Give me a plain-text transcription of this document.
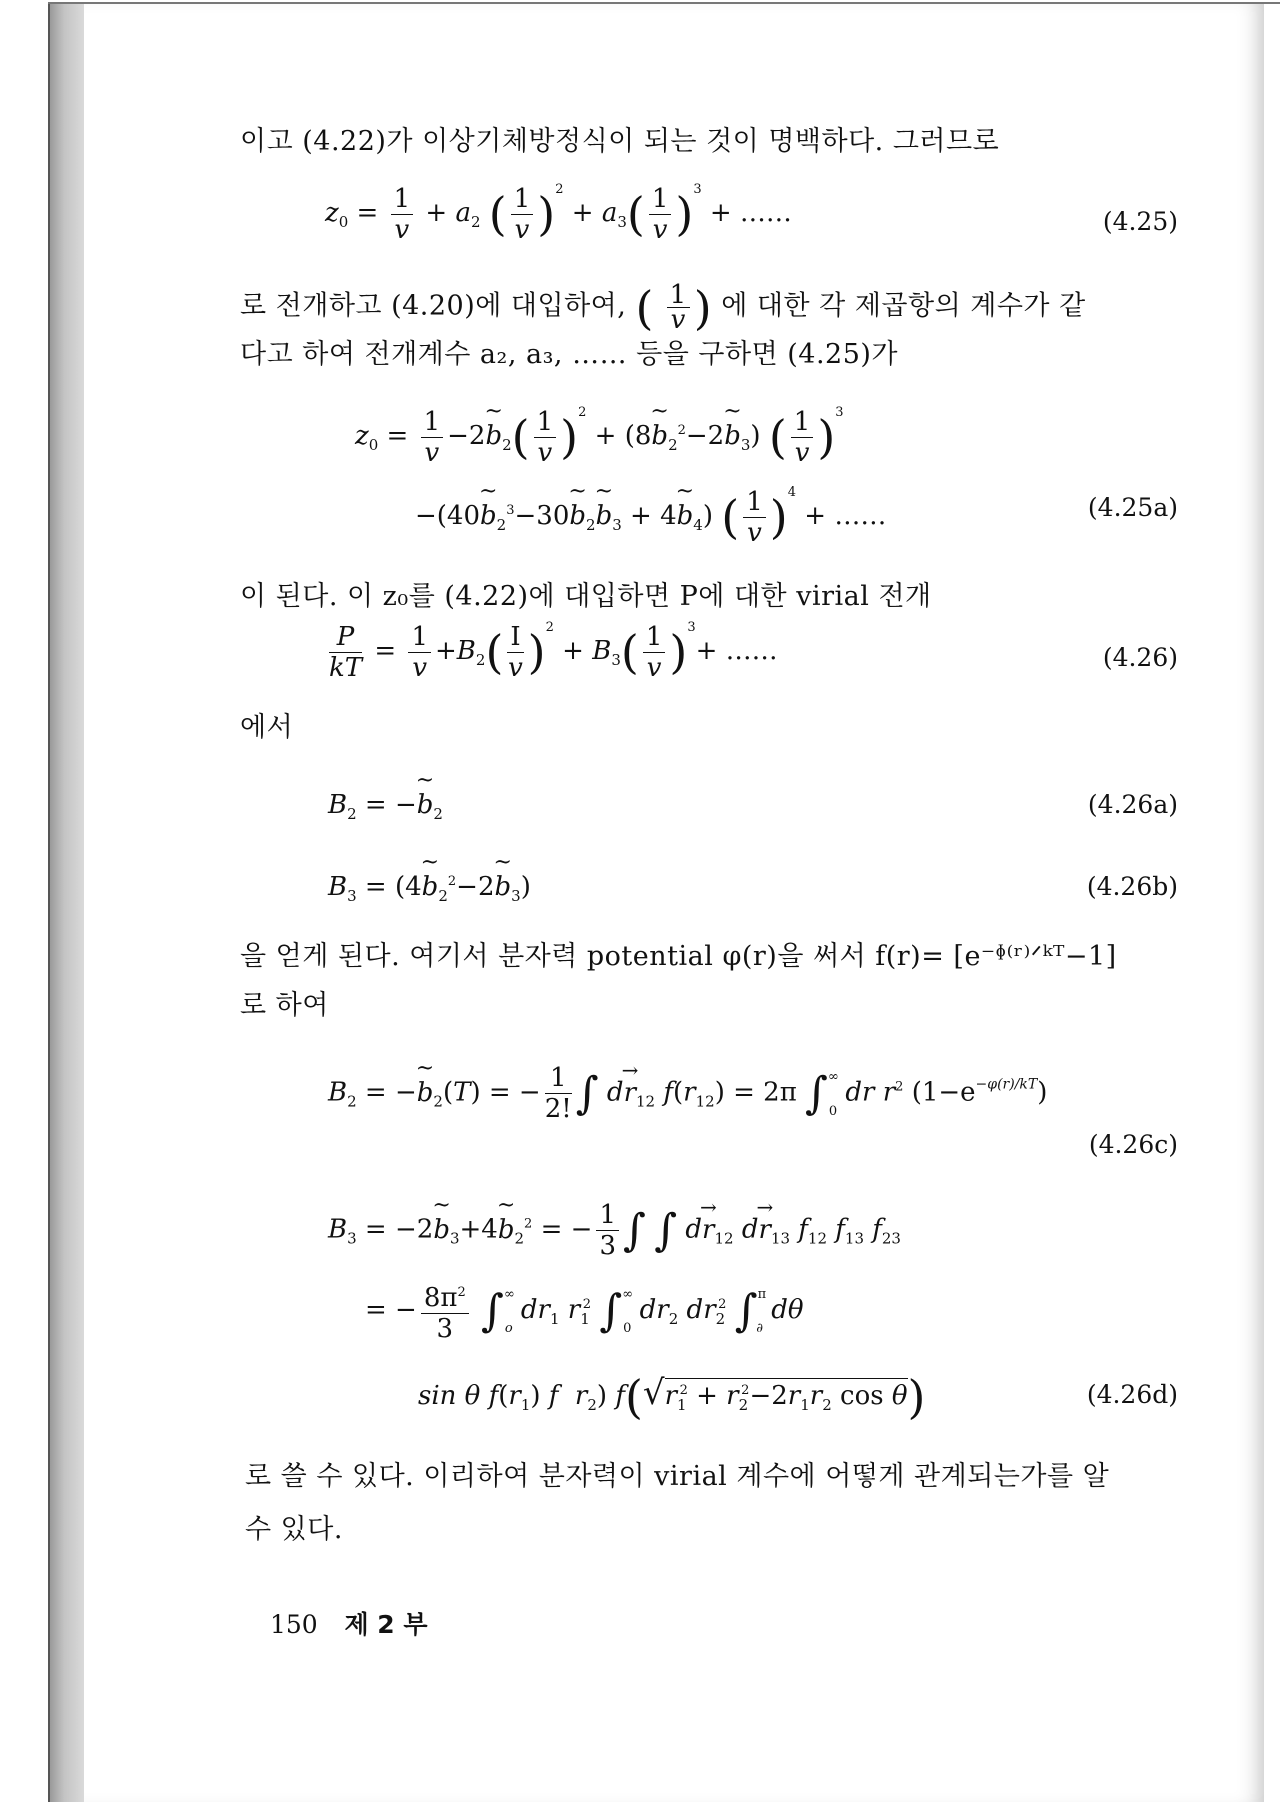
이고 (4.22)가 이상기체방정식이 되는 것이 명백하다. 그러므로
$z_0 = \frac{1}{v} + a_2$ ( $\frac{1}{v} )^2 + a_3( \frac{1}{v} )^3$ + ……	(4.25)
로 전개하고 (4.20)에 대입하여, ( $\frac{1}{v}$ ) 에 대한 각 제곱항의 계수가 같
다고 하여 전개계수 a₂, a₃, …… 등을 구하면 (4.25)가
$z_0 = \frac{1}{v}$ −2~ $b_2( \frac{1}{v} )^2$ + (8~ $b_2^2-2\sim$ $b_3$) ( $\frac{1}{v} )^3$
−(40~ $b_2^3-30\sim$ $b_2\sim$ $b_3$ + 4~ $b_4$) ( $\frac{1}{v} )^4$ + ……	(4.25a)
이 된다. 이 z₀를 (4.22)에 대입하면 P에 대한 virial 전개
$\frac{P}{kT} = \frac{1}{v} +B_2( \frac{I}{v} )^2 + B_3( \frac{1}{v} )^3+$ ……	(4.26)
에서
$B_2$ = −~ $b_2$	(4.26a)
$B_3$ = (4~ $b_2^2-2\sim$ $b_3$)	(4.26b)
을 얻게 된다. 여기서 분자력 potential φ(r)을 써서 f(r)= [e⁻ᶲ⁽ʳ⁾ᐟᵏᵀ−1]
로 하여
$B_2$ = −~ $b_2(T)$ = − $\frac{1}{2!}$ ∫ dr
→
$_{12}$ $f(r_{12}) = 2\pi$ $\int^\infty_0$ dr $r^2$ $(1-e^{-\varphi(r)/kT})$
(4.26c)
$B_3$ = −2~ $b_3+4\sim$ $b_2^2$ = − $\frac{1}{3}$ ∫ ∫ dr
→
$_{12}$ dr
→
$_{13}$ $f_{12}$ $f_{13}$ $f_{23}$
= − $\frac{8\pi^2}{3} \int^\infty_o$ $dr_1$ $r_1^2$ $\int^\infty_0$ $dr_2$ $dr_2^2$ ∫$^\pi_\partial$ dθ
sin θ $f(r_1)$ f  $r_2$) $f(√r_1^2 + r_2^2-2r_1r_2$ cos θ)	(4.26d)
로 쓸 수 있다. 이리하여 분자력이 virial 계수에 어떻게 관계되는가를 알
수 있다.
150 제 2 부
